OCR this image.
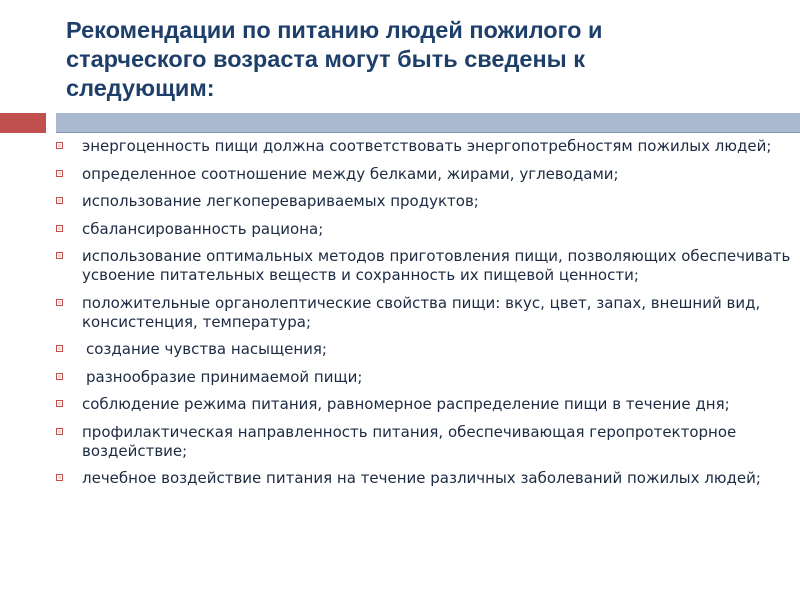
Рекомендации по питанию людей пожилого и
старческого возраста могут быть сведены к
следующим:
энергоценность пищи должна соответствовать энергопотребностям пожилых людей;
определенное соотношение между белками, жирами, углеводами;
использование легкоперевариваемых продуктов;
сбалансированность рациона;
использование оптимальных методов приготовления пищи, позволяющих обеспечивать усвоение питательных веществ и сохранность их пищевой ценности;
положительные органолептические свойства пищи: вкус, цвет, запах, внешний вид, консистенция, температура;
создание чувства насыщения;
разнообразие принимаемой пищи;
соблюдение режима питания, равномерное распределение пищи в течение дня;
профилактическая направленность питания, обеспечивающая геропротекторное воздействие;
лечебное воздействие питания на течение различных заболеваний пожилых людей;
